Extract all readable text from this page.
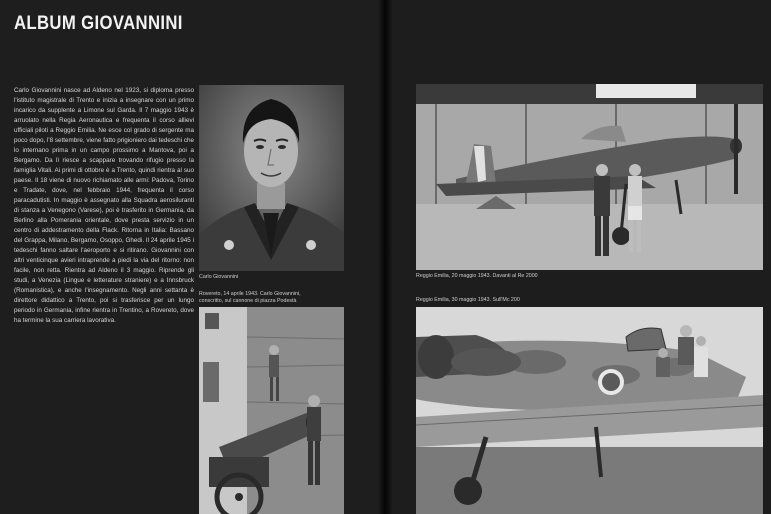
ALBUM GIOVANNINI

Carlo Giovannini nasce ad Aldeno nel 1923, si diploma presso l'istituto magistrale di Trento e inizia a insegnare con un primo incarico da supplente a Limone sul Garda. Il 7 maggio 1943 è arruolato nella Regia Aeronautica e frequenta il corso allievi ufficiali piloti a Reggio Emilia. Ne esce col grado di sergente ma poco dopo, l'8 settembre, viene fatto prigioniero dai tedeschi che lo internano prima in un campo prossimo a Mantova, poi a Bergamo. Da lì riesce a scappare trovando rifugio presso la famiglia Vitali. Ai primi di ottobre è a Trento, quindi rientra al suo paese. Il 18 viene di nuovo richiamato alle armi: Padova, Torino e Tradate, dove, nel febbraio 1944, frequenta il corso paracadutisti. In maggio è assegnato alla Squadra aerosiluranti di stanza a Venegono (Varese), poi è trasferito in Germania, da Berlino alla Pomerania orientale, dove presta servizio in un centro di addestramento della Flack. Ritorna in Italia: Bassano del Grappa, Milano, Bergamo, Osoppo, Ghedi. Il 24 aprile 1945 i tedeschi fanno saltare l'aeroporto e si ritirano. Giovannini con altri venticinque avieri intraprende a piedi la via del ritorno: non facile, non retta. Rientra ad Aldeno il 3 maggio. Riprende gli studi, a Venezia (Lingue e letterature straniere) e a Innsbruck (Romanistica), e anche l'insegnamento. Negli anni settanta è direttore didattico a Trento, poi si trasferisce per un lungo periodo in Germania, infine rientra in Trentino, a Rovereto, dove ha termine la sua carriera lavorativa.

Carlo Giovannini

Rovereto, 14 aprile 1943. Carlo Giovannini,

conscritto, sul cannone di piazza Podestà

Reggio Emilia, 20 maggio 1943. Davanti al Re 2000

Reggio Emilia, 30 maggio 1943. Sull'Mc 200
